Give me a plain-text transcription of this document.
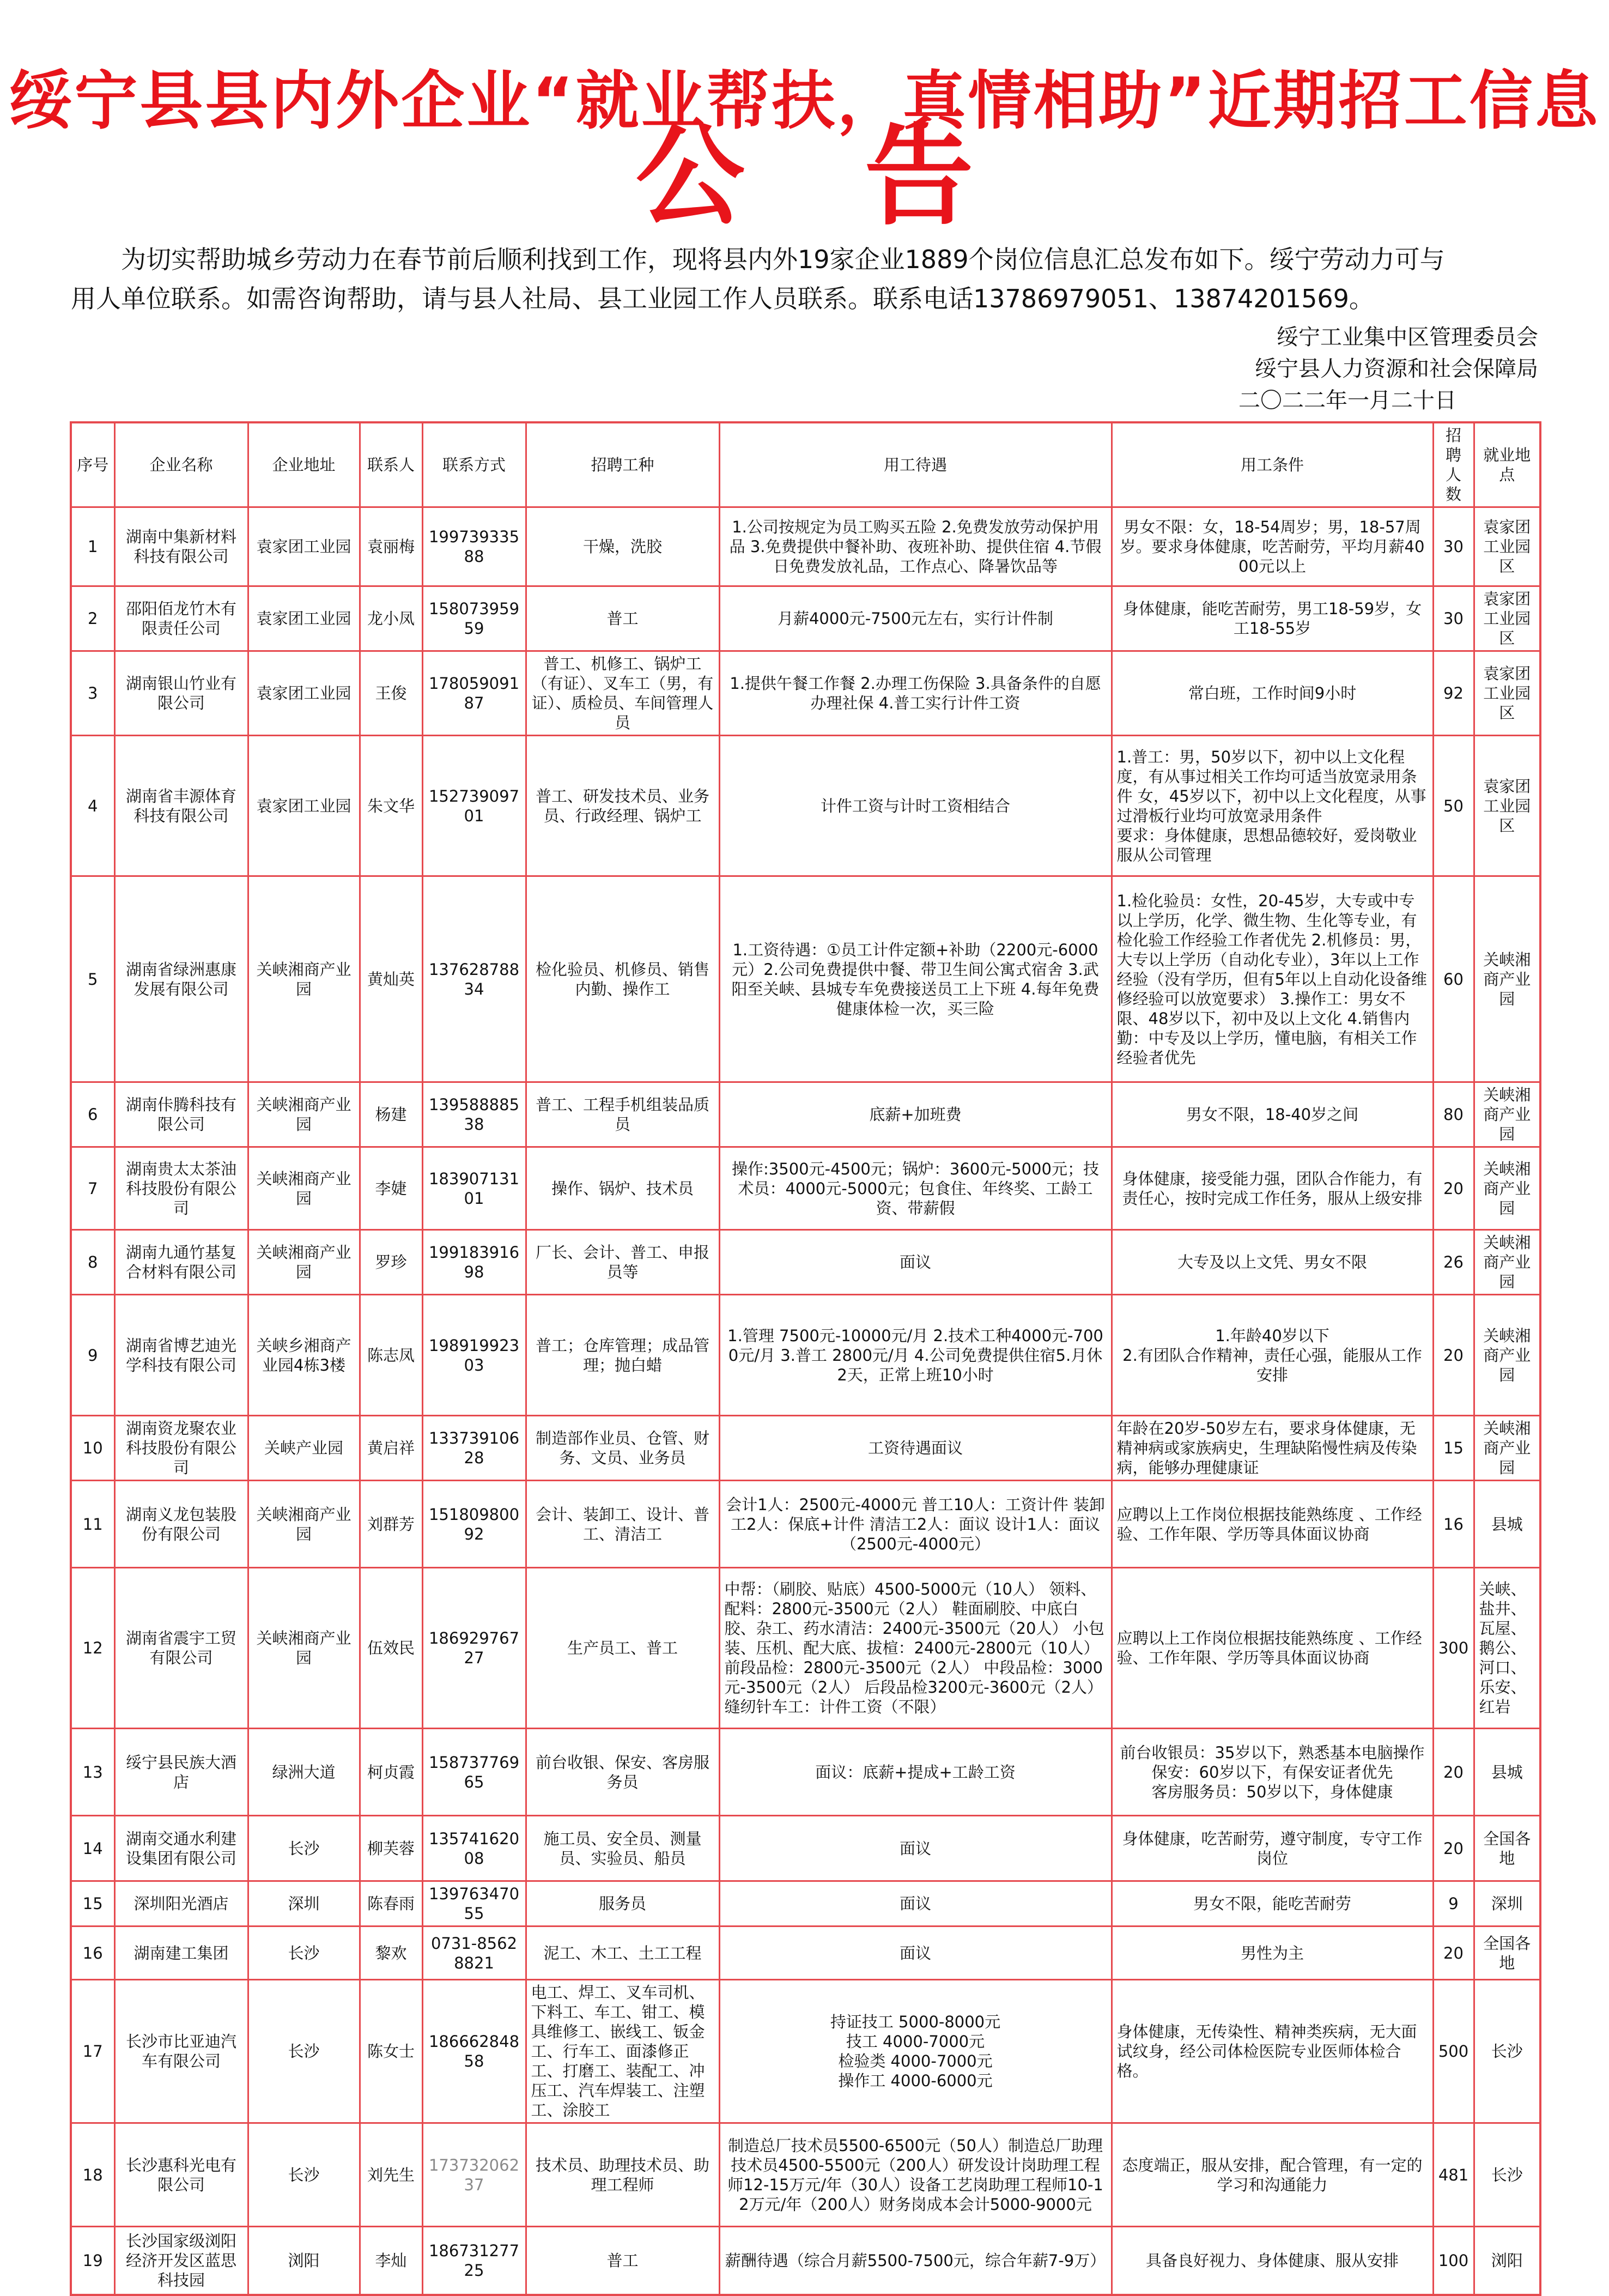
绥宁县县内外企业“就业帮扶，真情相助”近期招工信息
公告
为切实帮助城乡劳动力在春节前后顺利找到工作，现将县内外19家企业1889个岗位信息汇总发布如下。绥宁劳动力可与
用人单位联系。如需咨询帮助，请与县人社局、县工业园工作人员联系。联系电话13786979051、13874201569。
绥宁工业集中区管理委员会
绥宁县人力资源和社会保障局
二〇二二年一月二十日
序号	企业名称	企业地址	联系人	联系方式	招聘工种	用工待遇	用工条件	招聘人数	就业地点
1	湖南中集新材料科技有限公司	袁家团工业园	袁丽梅	19973933588	干燥，洗胶	1.公司按规定为员工购买五险 2.免费发放劳动保护用品 3.免费提供中餐补助、夜班补助、提供住宿 4.节假日免费发放礼品，工作点心、降暑饮品等	男女不限：女，18-54周岁；男，18-57周岁。要求身体健康，吃苦耐劳，平均月薪4000元以上	30	袁家团工业园区
2	邵阳佰龙竹木有限责任公司	袁家团工业园	龙小凤	15807395959	普工	月薪4000元-7500元左右，实行计件制	身体健康，能吃苦耐劳，男工18-59岁，女工18-55岁	30	袁家团工业园区
3	湖南银山竹业有限公司	袁家团工业园	王俊	17805909187	普工、机修工、锅炉工（有证）、叉车工（男，有证）、质检员、车间管理人员	1.提供午餐工作餐 2.办理工伤保险 3.具备条件的自愿办理社保 4.普工实行计件工资	常白班，工作时间9小时	92	袁家团工业园区
4	湖南省丰源体育科技有限公司	袁家团工业园	朱文华	15273909701	普工、研发技术员、业务员、行政经理、锅炉工	计件工资与计时工资相结合	1.普工：男，50岁以下，初中以上文化程度，有从事过相关工作均可适当放宽录用条件 女，45岁以下，初中以上文化程度，从事过滑板行业均可放宽录用条件
要求：身体健康，思想品德较好，爱岗敬业服从公司管理	50	袁家团工业园区
5	湖南省绿洲惠康发展有限公司	关峡湘商产业园	黄灿英	13762878834	检化验员、机修员、销售内勤、操作工	1.工资待遇：①员工计件定额+补助（2200元-6000元）2.公司免费提供中餐、带卫生间公寓式宿舍 3.武阳至关峡、县城专车免费接送员工上下班 4.每年免费健康体检一次，买三险	1.检化验员：女性，20-45岁，大专或中专以上学历，化学、微生物、生化等专业，有检化验工作经验工作者优先 2.机修员：男，大专以上学历（自动化专业），3年以上工作经验（没有学历，但有5年以上自动化设备维修经验可以放宽要求） 3.操作工：男女不限、48岁以下，初中及以上文化 4.销售内勤：中专及以上学历，懂电脑，有相关工作经验者优先	60	关峡湘商产业园
6	湖南佧腾科技有限公司	关峡湘商产业园	杨建	13958888538	普工、工程手机组装品质员	底薪+加班费	男女不限，18-40岁之间	80	关峡湘商产业园
7	湖南贵太太茶油科技股份有限公司	关峡湘商产业园	李婕	18390713101	操作、锅炉、技术员	操作:3500元-4500元；锅炉：3600元-5000元；技术员：4000元-5000元；包食住、年终奖、工龄工资、带薪假	身体健康，接受能力强，团队合作能力，有责任心，按时完成工作任务，服从上级安排	20	关峡湘商产业园
8	湖南九通竹基复合材料有限公司	关峡湘商产业园	罗珍	19918391698	厂长、会计、普工、申报员等	面议	大专及以上文凭、男女不限	26	关峡湘商产业园
9	湖南省博艺迪光学科技有限公司	关峡乡湘商产业园4栋3楼	陈志凤	19891992303	普工；仓库管理；成品管理；抛白蜡	1.管理 7500元-10000元/月 2.技术工种4000元-7000元/月 3.普工 2800元/月 4.公司免费提供住宿5.月休2天，正常上班10小时	1.年龄40岁以下
2.有团队合作精神，责任心强，能服从工作安排	20	关峡湘商产业园
10	湖南资龙聚农业科技股份有限公司	关峡产业园	黄启祥	13373910628	制造部作业员、仓管、财务、文员、业务员	工资待遇面议	年龄在20岁-50岁左右，要求身体健康，无精神病或家族病史，生理缺陷慢性病及传染病，能够办理健康证	15	关峡湘商产业园
11	湖南义龙包装股份有限公司	关峡湘商产业园	刘群芳	15180980092	会计、装卸工、设计、普工、清洁工	会计1人：2500元-4000元 普工10人：工资计件 装卸工2人：保底+计件 清洁工2人：面议 设计1人：面议（2500元-4000元）	应聘以上工作岗位根据技能熟练度 、工作经验、工作年限、学历等具体面议协商	16	县城
12	湖南省震宇工贸有限公司	关峡湘商产业园	伍效民	18692976727	生产员工、普工	中帮：（刷胶、贴底）4500-5000元（10人） 领料、配料：2800元-3500元（2人） 鞋面刷胶、中底白胶、杂工、药水清洁：2400元-3500元（20人） 小包装、压机、配大底、拔楦：2400元-2800元（10人） 前段品检：2800元-3500元（2人） 中段品检：3000元-3500元（2人） 后段品检3200元-3600元（2人） 缝纫针车工：计件工资（不限）	应聘以上工作岗位根据技能熟练度 、工作经验、工作年限、学历等具体面议协商	300	关峡、盐井、瓦屋、鹅公、河口、乐安、红岩
13	绥宁县民族大酒店	绿洲大道	柯贞霞	15873776965	前台收银、保安、客房服务员	面议：底薪+提成+工龄工资	前台收银员：35岁以下，熟悉基本电脑操作 保安：60岁以下，有保安证者优先
客房服务员：50岁以下，身体健康	20	县城
14	湖南交通水利建设集团有限公司	长沙	柳芙蓉	13574162008	施工员、安全员、测量员、实验员、船员	面议	身体健康，吃苦耐劳，遵守制度，专守工作岗位	20	全国各地
15	深圳阳光酒店	深圳	陈春雨	13976347055	服务员	面议	男女不限，能吃苦耐劳	9	深圳
16	湖南建工集团	长沙	黎欢	0731-85628821	泥工、木工、土工工程	面议	男性为主	20	全国各地
17	长沙市比亚迪汽车有限公司	长沙	陈女士	18666284858	电工、焊工、叉车司机、下料工、车工、钳工、模具维修工、嵌线工、钣金工、行车工、面漆修正工、打磨工、装配工、冲压工、汽车焊装工、注塑工、涂胶工	持证技工 5000-8000元
技工 4000-7000元
检验类 4000-7000元
操作工 4000-6000元	身体健康，无传染性、精神类疾病，无大面试纹身，经公司体检医院专业医师体检合格。	500	长沙
18	长沙惠科光电有限公司	长沙	刘先生	17373206237	技术员、助理技术员、助理工程师	制造总厂技术员5500-6500元（50人）制造总厂助理技术员4500-5500元（200人）研发设计岗助理工程师12-15万元/年（30人）设备工艺岗助理工程师10-12万元/年（200人）财务岗成本会计5000-9000元	态度端正，服从安排，配合管理，有一定的学习和沟通能力	481	长沙
19	长沙国家级浏阳经济开发区蓝思科技园	浏阳	李灿	18673127725	普工	薪酬待遇（综合月薪5500-7500元，综合年薪7-9万）	具备良好视力、身体健康、服从安排	100	浏阳
